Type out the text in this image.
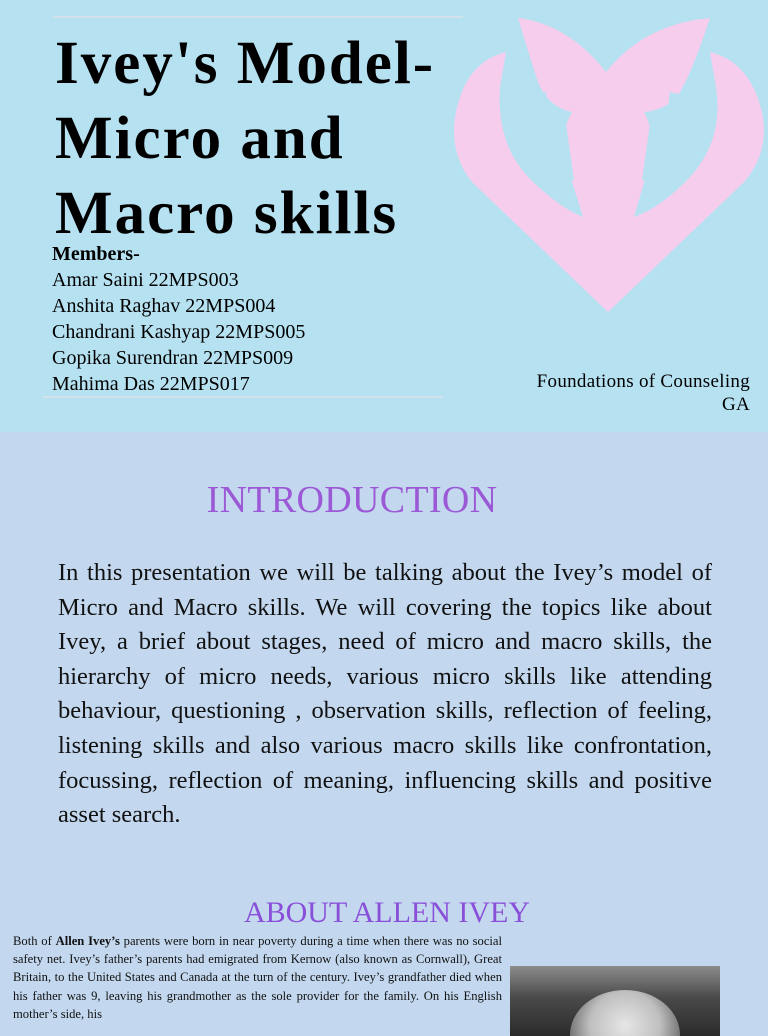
Ivey's Model-Micro and Macro skills
Members-
Amar Saini 22MPS003
Anshita Raghav 22MPS004
Chandrani Kashyap 22MPS005
Gopika Surendran 22MPS009
Mahima Das 22MPS017	Foundations of Counseling
GA
INTRODUCTION

In this presentation we will be talking about the Ivey’s model of Micro and Macro skills. We will covering the topics like about Ivey, a brief about stages, need of micro and macro skills, the hierarchy of micro needs, various micro skills like attending behaviour, questioning , observation skills, reflection of feeling, listening skills and also various macro skills like confrontation, focussing, reflection of meaning, influencing skills and positive asset search.

ABOUT ALLEN IVEY

Both of Allen Ivey’s parents were born in near poverty during a time when there was no social safety net. Ivey’s father’s parents had emigrated from Kernow (also known as Cornwall), Great Britain, to the United States and Canada at the turn of the century. Ivey’s grandfather died when his father was 9, leaving his grandmother as the sole provider for the family. On his English mother’s side, his
